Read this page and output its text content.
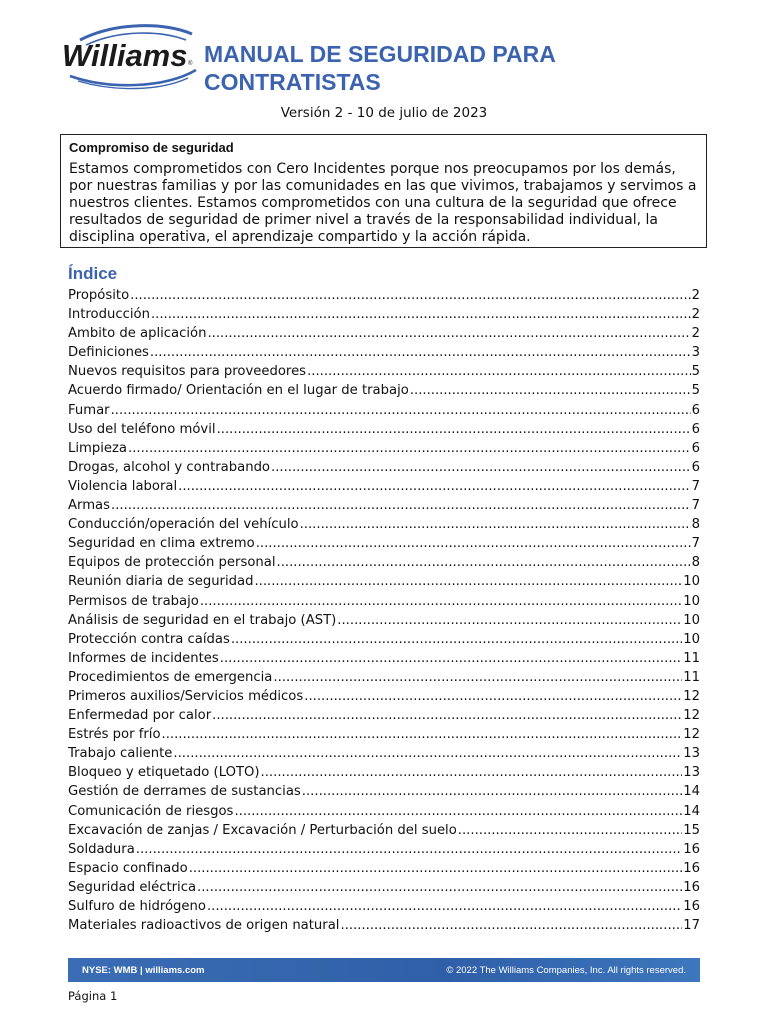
Williams ® MANUAL DE SEGURIDAD PARA CONTRATISTAS
Versión 2 - 10 de julio de 2023

Compromiso de seguridad

Estamos comprometidos con Cero Incidentes porque nos preocupamos por los demás, por nuestras familias y por las comunidades en las que vivimos, trabajamos y servimos a nuestros clientes. Estamos comprometidos con una cultura de la seguridad que ofrece resultados de seguridad de primer nivel a través de la responsabilidad individual, la disciplina operativa, el aprendizaje compartido y la acción rápida.

Índice
Propósito .....	2
Introducción .....	2
Ámbito de aplicación .....	2
Definiciones .....	3
Nuevos requisitos para proveedores .....	5
Acuerdo firmado/ Orientación en el lugar de trabajo .....	5
Fumar .....	6
Uso del teléfono móvil .....	6
Limpieza .....	6
Drogas, alcohol y contrabando .....	6
Violencia laboral .....	7
Armas .....	7
Conducción/operación del vehículo .....	8
Seguridad en clima extremo .....	7
Equipos de protección personal .....	8
Reunión diaria de seguridad .....	10
Permisos de trabajo .....	10
Análisis de seguridad en el trabajo (AST) .....	10
Protección contra caídas .....	10
Informes de incidentes .....	11
Procedimientos de emergencia .....	11
Primeros auxilios/Servicios médicos .....	12
Enfermedad por calor .....	12
Estrés por frío .....	12
Trabajo caliente .....	13
Bloqueo y etiquetado (LOTO) .....	13
Gestión de derrames de sustancias .....	14
Comunicación de riesgos .....	14
Excavación de zanjas / Excavación / Perturbación del suelo .....	15
Soldadura .....	16
Espacio confinado .....	16
Seguridad eléctrica .....	16
Sulfuro de hidrógeno .....	16
Materiales radioactivos de origen natural .....	17
NYSE: WMB | williams.com	© 2022 The Williams Companies, Inc. All rights reserved.
Página 1
